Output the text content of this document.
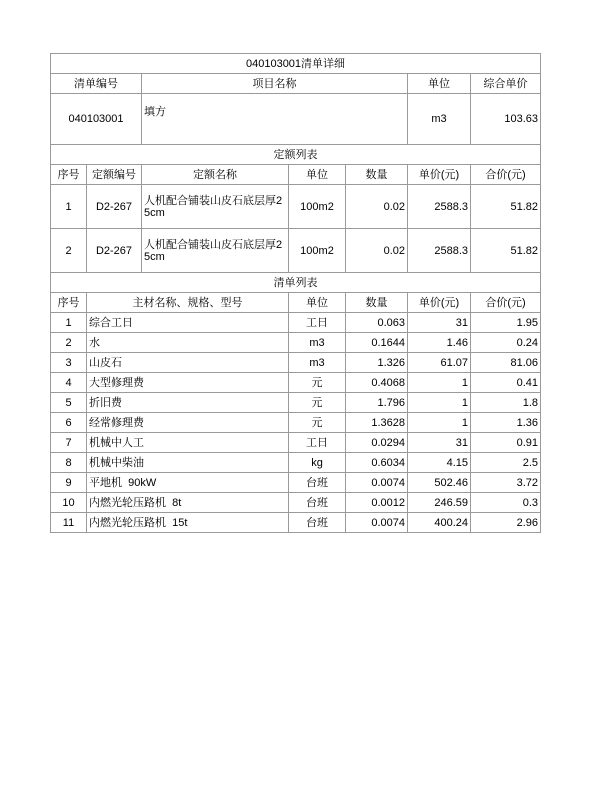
040103001清单详细						
清单编号		项目名称			单位	综合单价
040103001		填方			m3	103.63
定额列表						
序号	定额编号	定额名称	单位	数量	单价(元)	合价(元)
1	D2-267	人机配合铺装山皮石底层厚25cm	100m2	0.02	2588.3	51.82
2	D2-267	人机配合铺装山皮石底层厚25cm	100m2	0.02	2588.3	51.82
清单列表						
序号	主材名称、规格、型号		单位	数量	单价(元)	合价(元)
1	综合工日		工日	0.063	31	1.95
2	水		m3	0.1644	1.46	0.24
3	山皮石		m3	1.326	61.07	81.06
4	大型修理费		元	0.4068	1	0.41
5	折旧费		元	1.796	1	1.8
6	经常修理费		元	1.3628	1	1.36
7	机械中人工		工日	0.0294	31	0.91
8	机械中柴油		kg	0.6034	4.15	2.5
9	平地机  90kW		台班	0.0074	502.46	3.72
10	内燃光轮压路机  8t		台班	0.0012	246.59	0.3
11	内燃光轮压路机  15t		台班	0.0074	400.24	2.96
